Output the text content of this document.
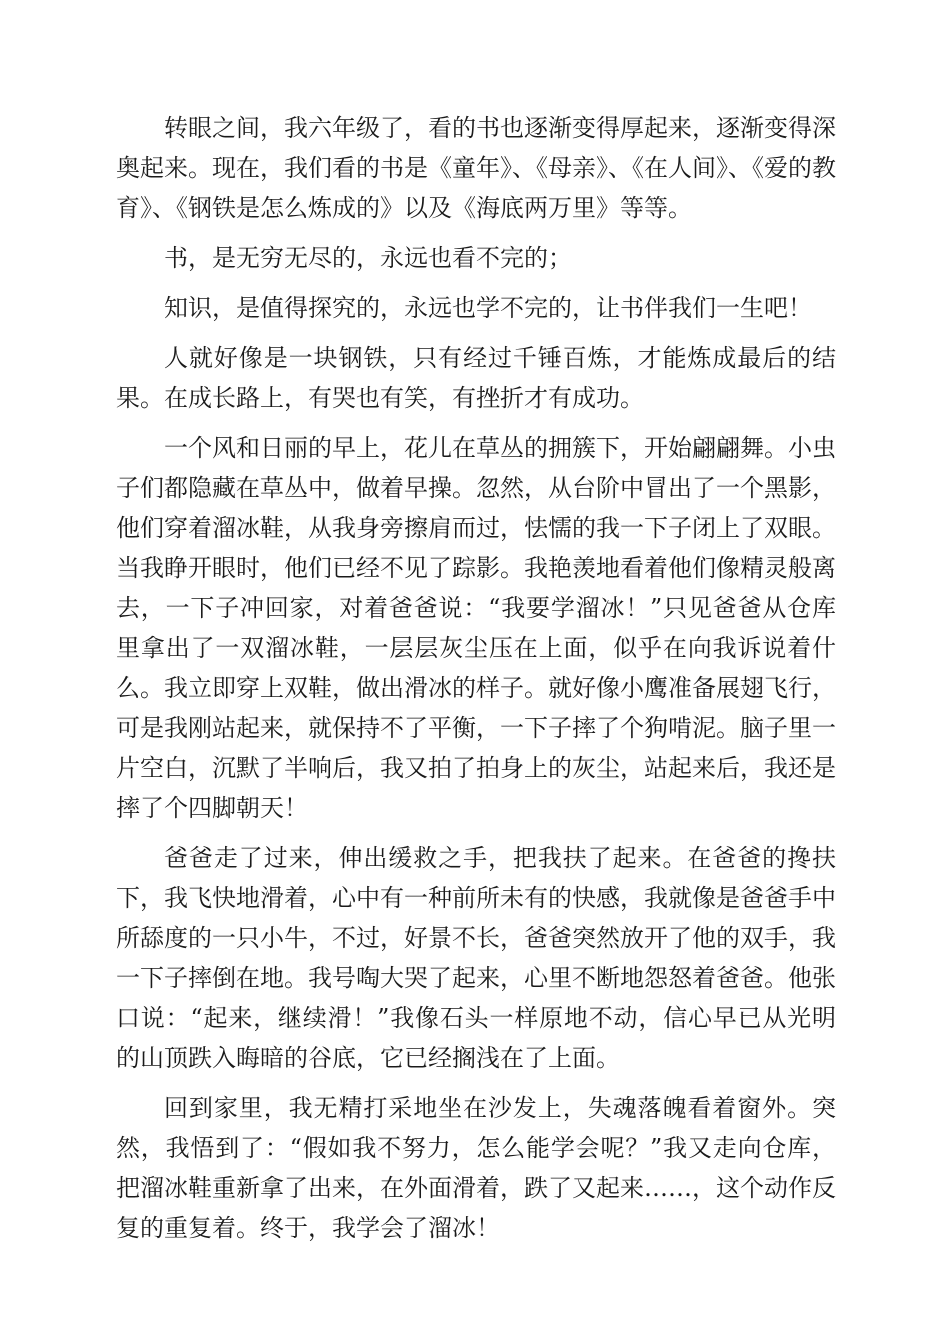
转眼之间，我六年级了，看的书也逐渐变得厚起来，逐渐变得深奥起来。现在，我们看的书是《童年》、《母亲》、《在人间》、《爱的教育》、《钢铁是怎么炼成的》以及《海底两万里》等等。

书，是无穷无尽的，永远也看不完的；

知识，是值得探究的，永远也学不完的，让书伴我们一生吧！

人就好像是一块钢铁，只有经过千锤百炼，才能炼成最后的结果。在成长路上，有哭也有笑，有挫折才有成功。

一个风和日丽的早上，花儿在草丛的拥簇下，开始翩翩舞。小虫子们都隐藏在草丛中，做着早操。忽然，从台阶中冒出了一个黑影，他们穿着溜冰鞋，从我身旁擦肩而过，怯懦的我一下子闭上了双眼。当我睁开眼时，他们已经不见了踪影。我艳羡地看着他们像精灵般离去，一下子冲回家，对着爸爸说：“我要学溜冰！”只见爸爸从仓库里拿出了一双溜冰鞋，一层层灰尘压在上面，似乎在向我诉说着什么。我立即穿上双鞋，做出滑冰的样子。就好像小鹰准备展翅飞行，可是我刚站起来，就保持不了平衡，一下子摔了个狗啃泥。脑子里一片空白，沉默了半响后，我又拍了拍身上的灰尘，站起来后，我还是摔了个四脚朝天！

爸爸走了过来，伸出缓救之手，把我扶了起来。在爸爸的搀扶下，我飞快地滑着，心中有一种前所未有的快感，我就像是爸爸手中所舔度的一只小牛，不过，好景不长，爸爸突然放开了他的双手，我一下子摔倒在地。我号啕大哭了起来，心里不断地怨怒着爸爸。他张口说：“起来，继续滑！”我像石头一样原地不动，信心早已从光明的山顶跌入晦暗的谷底，它已经搁浅在了上面。

回到家里，我无精打采地坐在沙发上，失魂落魄看着窗外。突然，我悟到了：“假如我不努力，怎么能学会呢？”我又走向仓库，把溜冰鞋重新拿了出来，在外面滑着，跌了又起来……，这个动作反复的重复着。终于，我学会了溜冰！
